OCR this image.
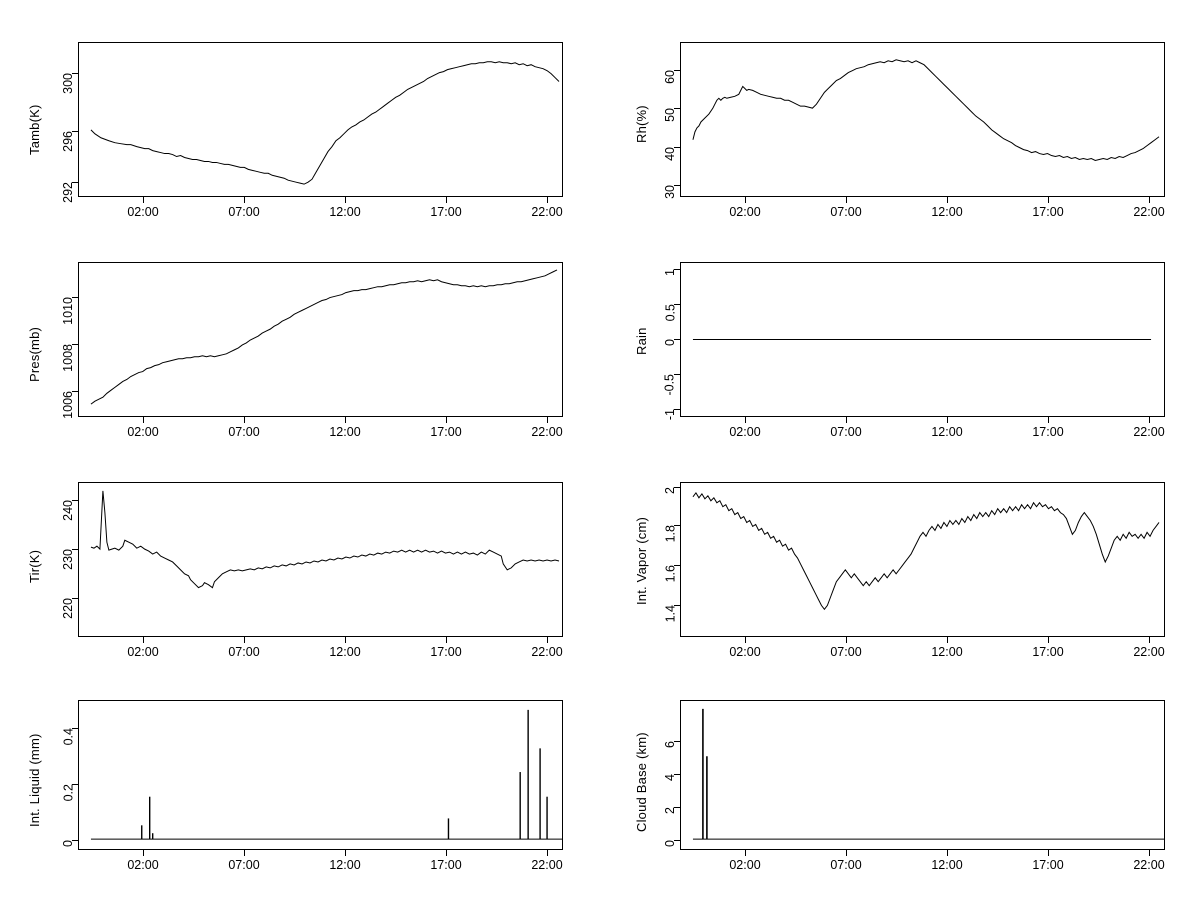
02:00	07:00	12:00	17:00	22:00
292
296
300
Tamb(K)
02:00	07:00	12:00	17:00	22:00
30
40
50
60
Rh(%)
02:00	07:00	12:00	17:00	22:00
1006
1008
1010
Pres(mb)
02:00	07:00	12:00	17:00	22:00
-1
-0.5
0
0.5
1
Rain
02:00	07:00	12:00	17:00	22:00
220
230
240
Tir(K)
02:00	07:00	12:00	17:00	22:00
1.4
1.6
1.8
2
Int. Vapor (cm)
02:00	07:00	12:00	17:00	22:00
0
0.2
0.4
Int. Liquid (mm)
02:00	07:00	12:00	17:00	22:00
0
2
4
6
Cloud Base (km)
